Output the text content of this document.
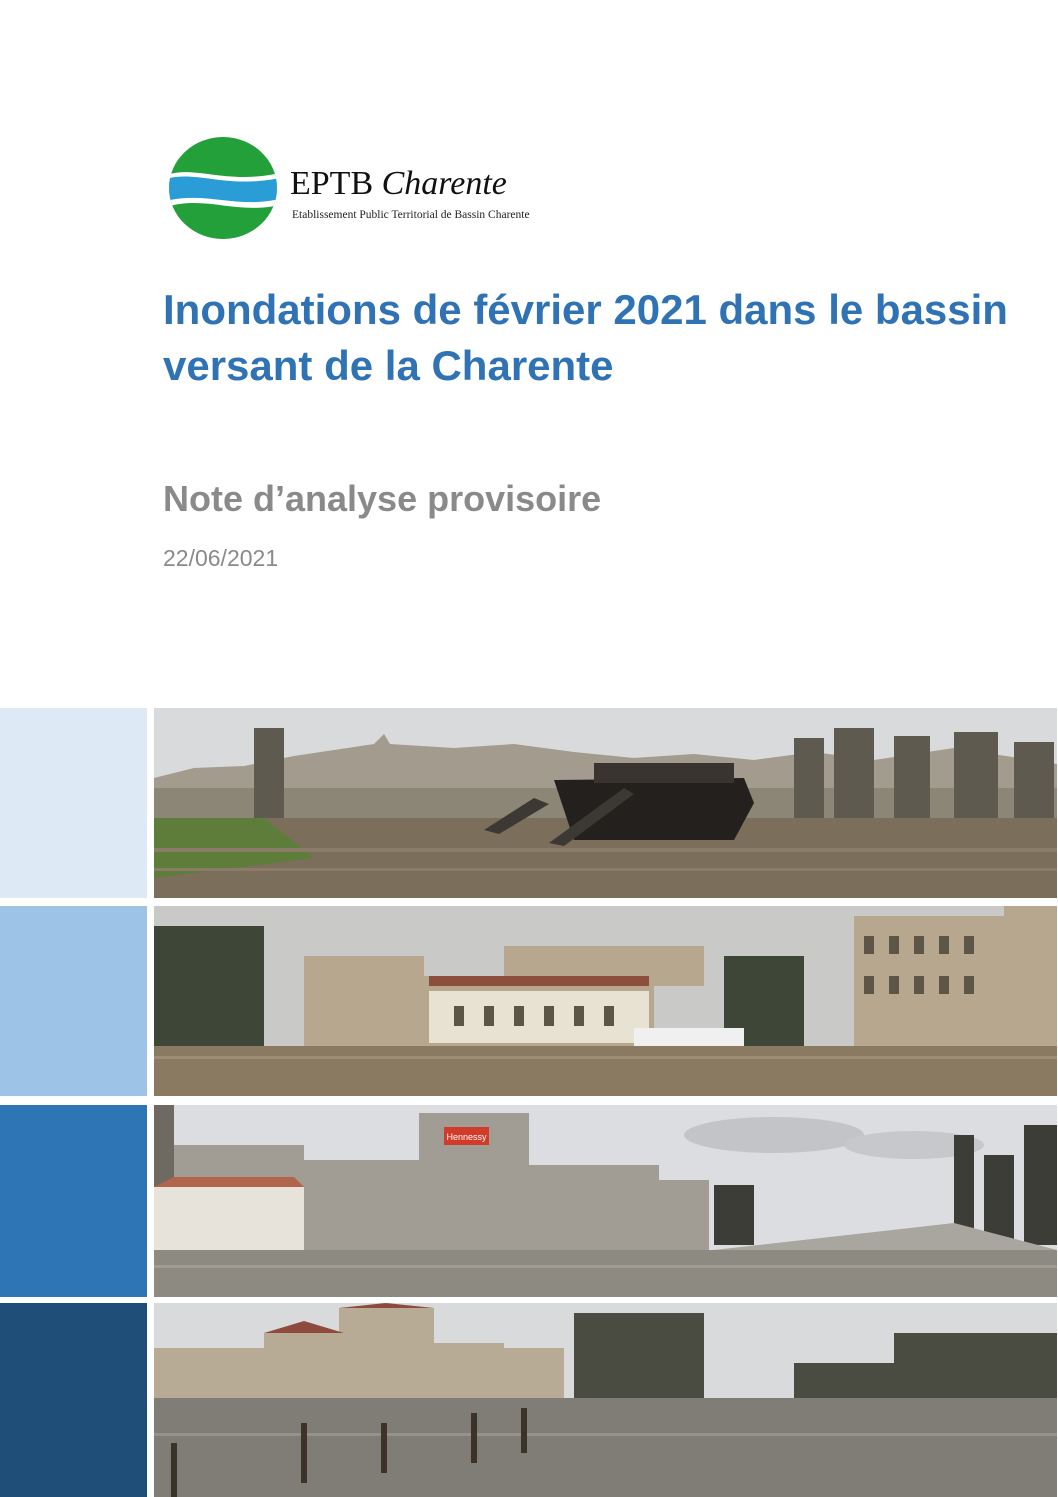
EPTB Charente
Etablissement Public Territorial de Bassin Charente
Inondations de février 2021 dans le bassin versant de la Charente
Note d’analyse provisoire
22/06/2021
Hennessy
